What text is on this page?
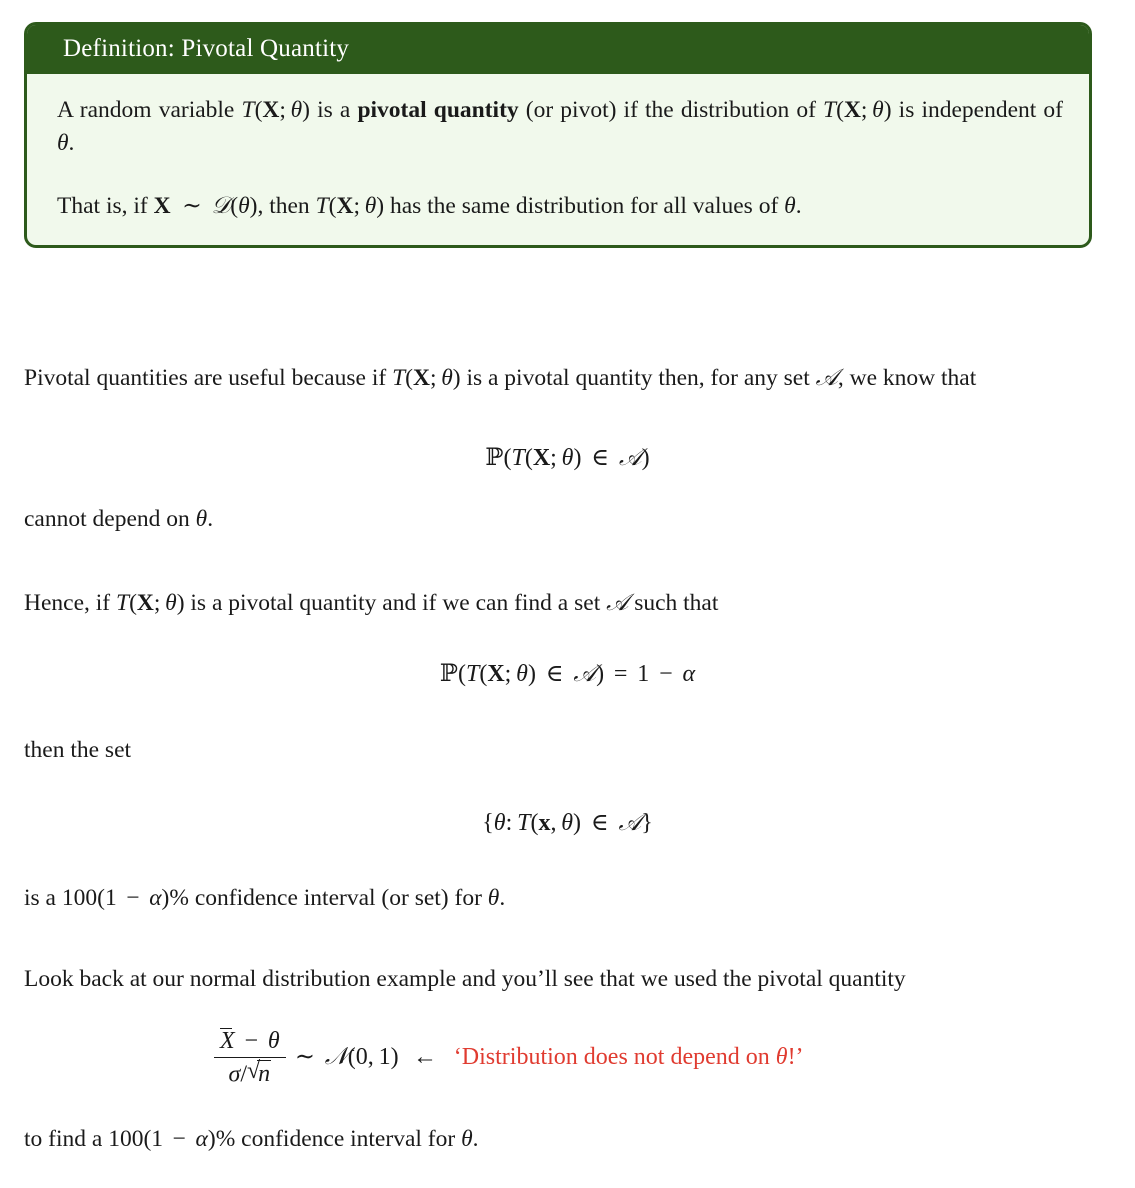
Definition: Pivotal Quantity

A random variable T(X;  θ) is a pivotal quantity (or pivot) if the distribution of T(X;  θ) is independent of θ.

That is, if X  ∼ 𝒟(θ), then T(X;  θ) has the same distribution for all values of θ.

Pivotal quantities are useful because if T(X;  θ) is a pivotal quantity then, for any set 𝒜, we know that
ℙ(T(X;  θ) ∈ 𝒜)
cannot depend on θ.
Hence, if T(X;  θ) is a pivotal quantity and if we can find a set 𝒜 such that
ℙ(T(X;  θ) ∈ 𝒜) = 1 − α
then the set
{θ:  T(x,  θ) ∈ 𝒜}
is a 100(1 − α)% confidence interval (or set) for θ.
Look back at our normal distribution example and you’ll see that we used the pivotal quantity
$\frac{X - \theta}{\sigma/ √ n}$ ∼ 𝒩(0,  1) ← ‘Distribution does not depend on θ!’
to find a 100(1 − α)% confidence interval for θ.
